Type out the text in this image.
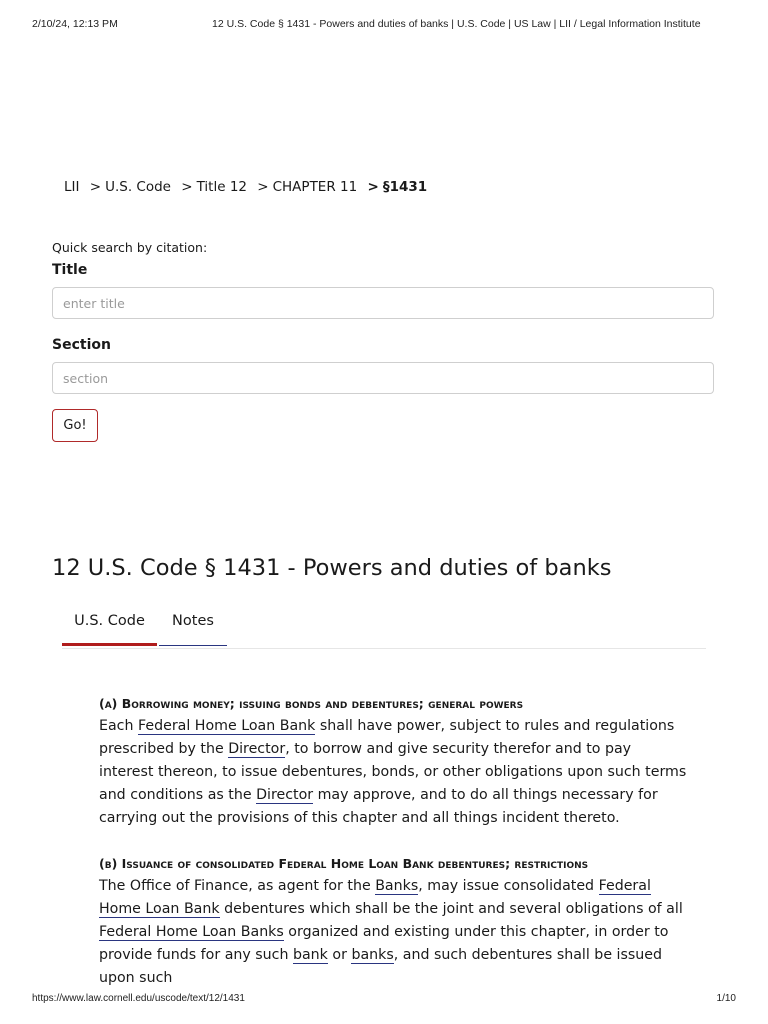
2/10/24, 12:13 PM	12 U.S. Code § 1431 - Powers and duties of banks | U.S. Code | US Law | LII / Legal Information Institute
LII > U.S. Code > Title 12 > CHAPTER 11 > §1431
Quick search by citation:
Title
enter title
Section
section
Go!
12 U.S. Code § 1431 - Powers and duties of banks
U.S. Code	Notes
(a) Borrowing money; issuing bonds and debentures; general powers

Each Federal Home Loan Bank shall have power, subject to rules and regulations prescribed by the Director, to borrow and give security therefor and to pay interest thereon, to issue debentures, bonds, or other obligations upon such terms and conditions as the Director may approve, and to do all things necessary for carrying out the provisions of this chapter and all things incident thereto.

(b) Issuance of consolidated Federal Home Loan Bank debentures; restrictions

The Office of Finance, as agent for the Banks, may issue consolidated Federal Home Loan Bank debentures which shall be the joint and several obligations of all Federal Home Loan Banks organized and existing under this chapter, in order to provide funds for any such bank or banks, and such debentures shall be issued upon such

https://www.law.cornell.edu/uscode/text/12/1431	1/10
